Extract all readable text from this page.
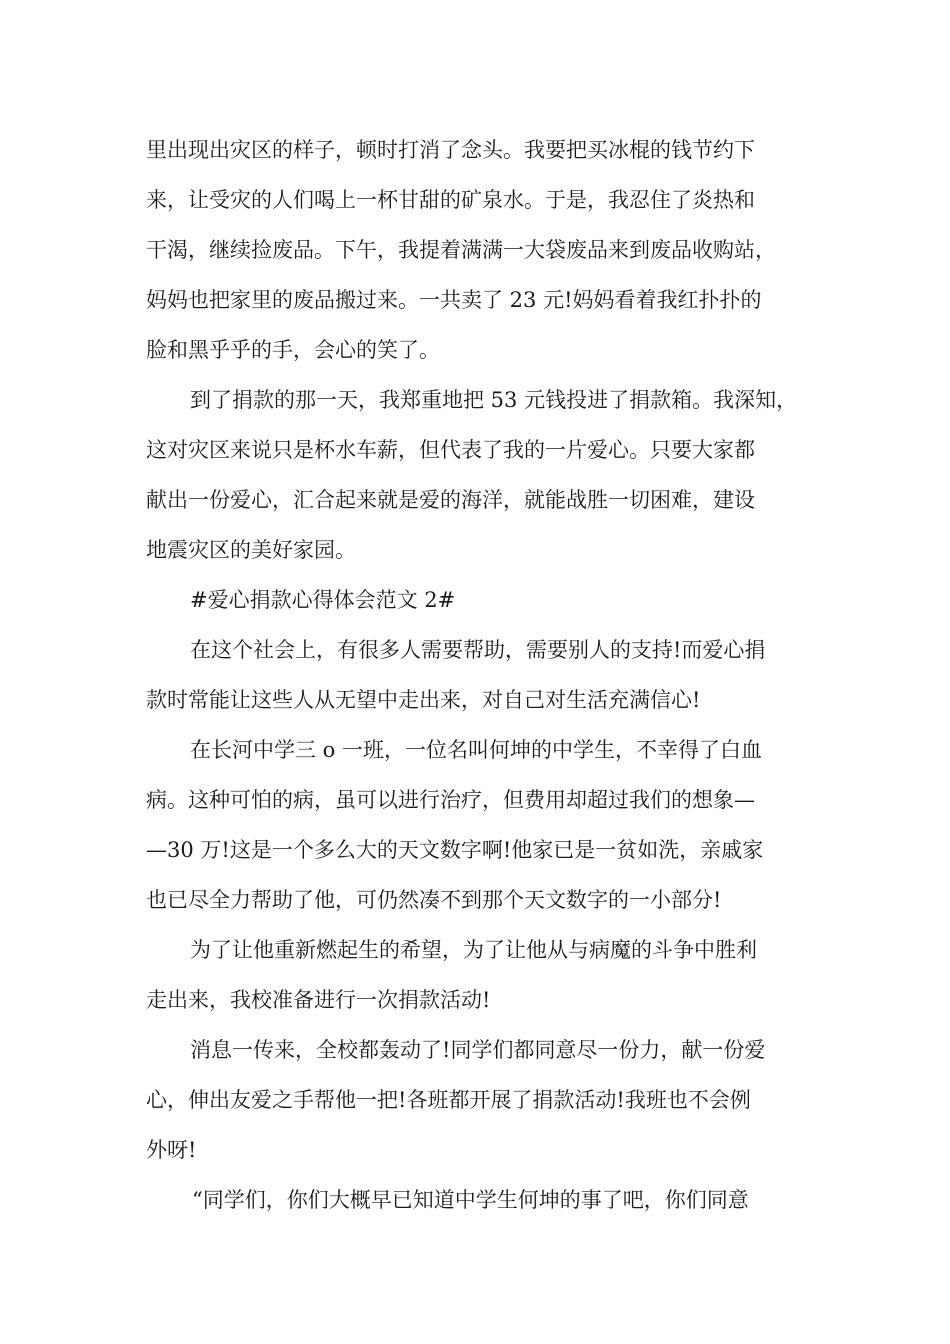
里出现出灾区的样子，顿时打消了念头。我要把买冰棍的钱节约下
来，让受灾的人们喝上一杯甘甜的矿泉水。于是，我忍住了炎热和
干渴，继续捡废品。下午，我提着满满一大袋废品来到废品收购站，
妈妈也把家里的废品搬过来。一共卖了 23 元!妈妈看着我红扑扑的
脸和黑乎乎的手，会心的笑了。
到了捐款的那一天，我郑重地把 53 元钱投进了捐款箱。我深知，
这对灾区来说只是杯水车薪，但代表了我的一片爱心。只要大家都
献出一份爱心，汇合起来就是爱的海洋，就能战胜一切困难，建设
地震灾区的美好家园。
#爱心捐款心得体会范文 2#
在这个社会上，有很多人需要帮助，需要别人的支持!而爱心捐
款时常能让这些人从无望中走出来，对自己对生活充满信心!
在长河中学三 o 一班，一位名叫何坤的中学生，不幸得了白血
病。这种可怕的病，虽可以进行治疗，但费用却超过我们的想象—
—30 万!这是一个多么大的天文数字啊!他家已是一贫如洗，亲戚家
也已尽全力帮助了他，可仍然凑不到那个天文数字的一小部分!
为了让他重新燃起生的希望，为了让他从与病魔的斗争中胜利
走出来，我校准备进行一次捐款活动!
消息一传来，全校都轰动了!同学们都同意尽一份力，献一份爱
心，伸出友爱之手帮他一把!各班都开展了捐款活动!我班也不会例
外呀!
“同学们，你们大概早已知道中学生何坤的事了吧，你们同意
